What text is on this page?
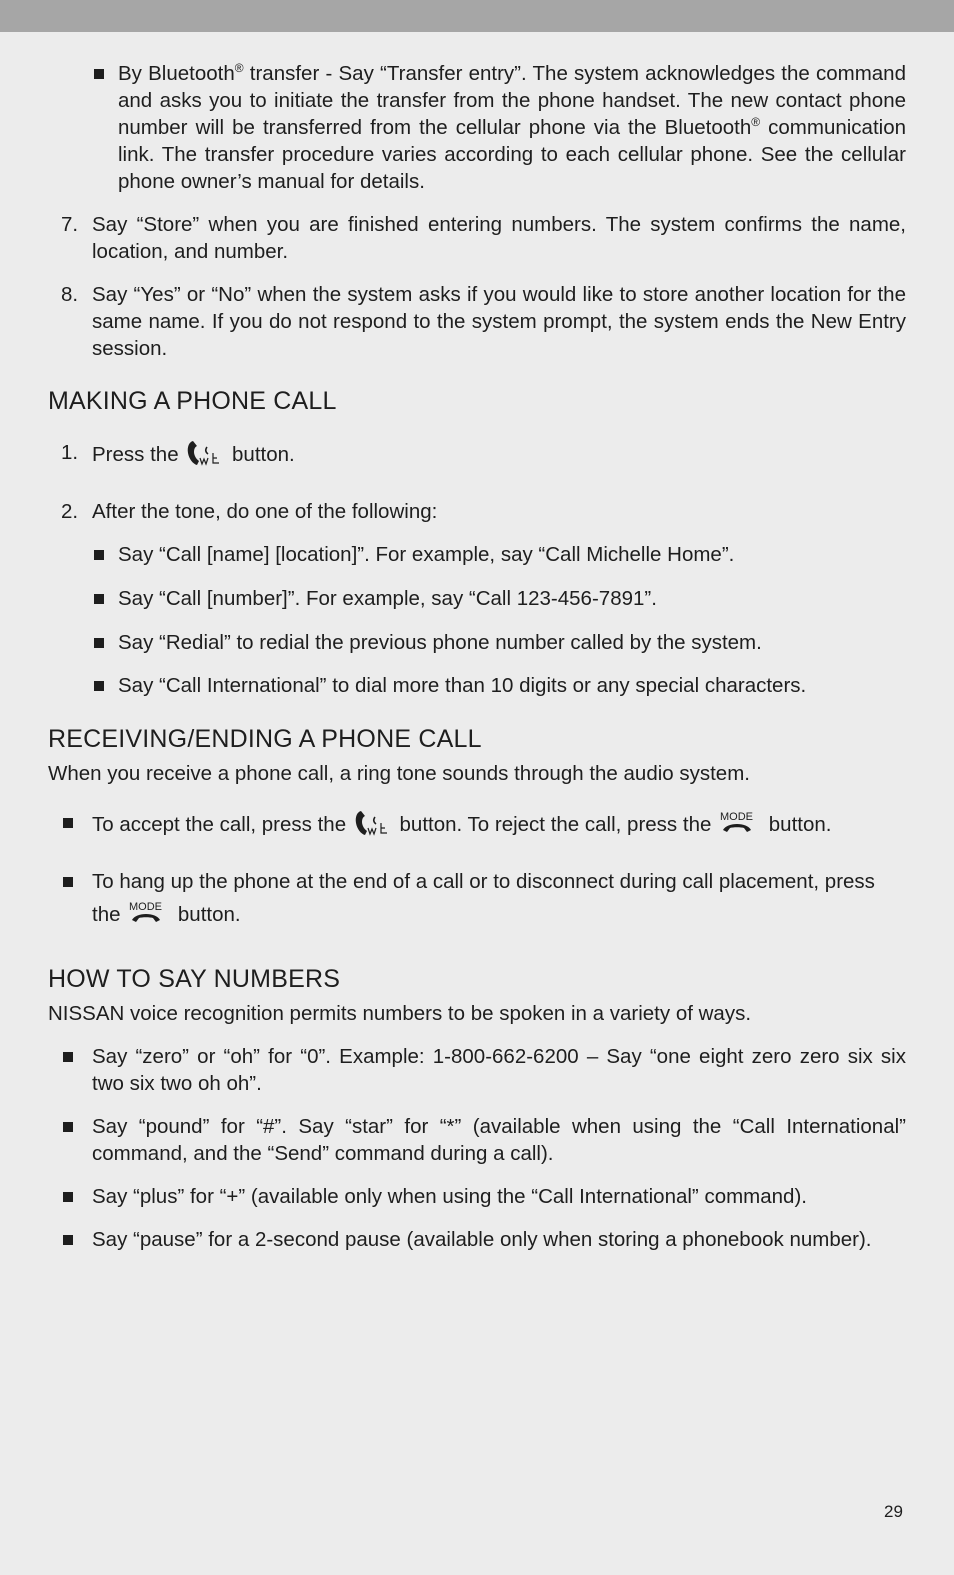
By Bluetooth® transfer - Say “Transfer entry”. The system acknowledges the command and asks you to initiate the transfer from the phone handset. The new contact phone number will be transferred from the cellular phone via the Bluetooth® communication link. The transfer procedure varies according to each cellular phone. See the cellular phone owner’s manual for details.

7. Say “Store” when you are finished entering numbers. The system confirms the name, location, and number.

8. Say “Yes” or “No” when the system asks if you would like to store another location for the same name. If you do not respond to the system prompt, the system ends the New Entry session.

MAKING A PHONE CALL

1. Press the	button.

2. After the tone, do one of the following:

Say “Call [name] [location]”. For example, say “Call Michelle Home”.

Say “Call [number]”. For example, say “Call 123-456-7891”.

Say “Redial” to redial the previous phone number called by the system.

Say “Call International” to dial more than 10 digits or any special characters.

RECEIVING/ENDING A PHONE CALL

When you receive a phone call, a ring tone sounds through the audio system.

To accept the call, press the	button. To reject the call, press the MODE button.

To hang up the phone at the end of a call or to disconnect during call placement, press the MODE button.

HOW TO SAY NUMBERS

NISSAN voice recognition permits numbers to be spoken in a variety of ways.

Say “zero” or “oh” for “0”. Example: 1-800-662-6200 – Say “one eight zero zero six six two six two oh oh”.

Say “pound” for “#”. Say “star” for “*” (available when using the “Call International” command, and the “Send” command during a call).

Say “plus” for “+” (available only when using the “Call International” command).

Say “pause” for a 2-second pause (available only when storing a phonebook number).

29
